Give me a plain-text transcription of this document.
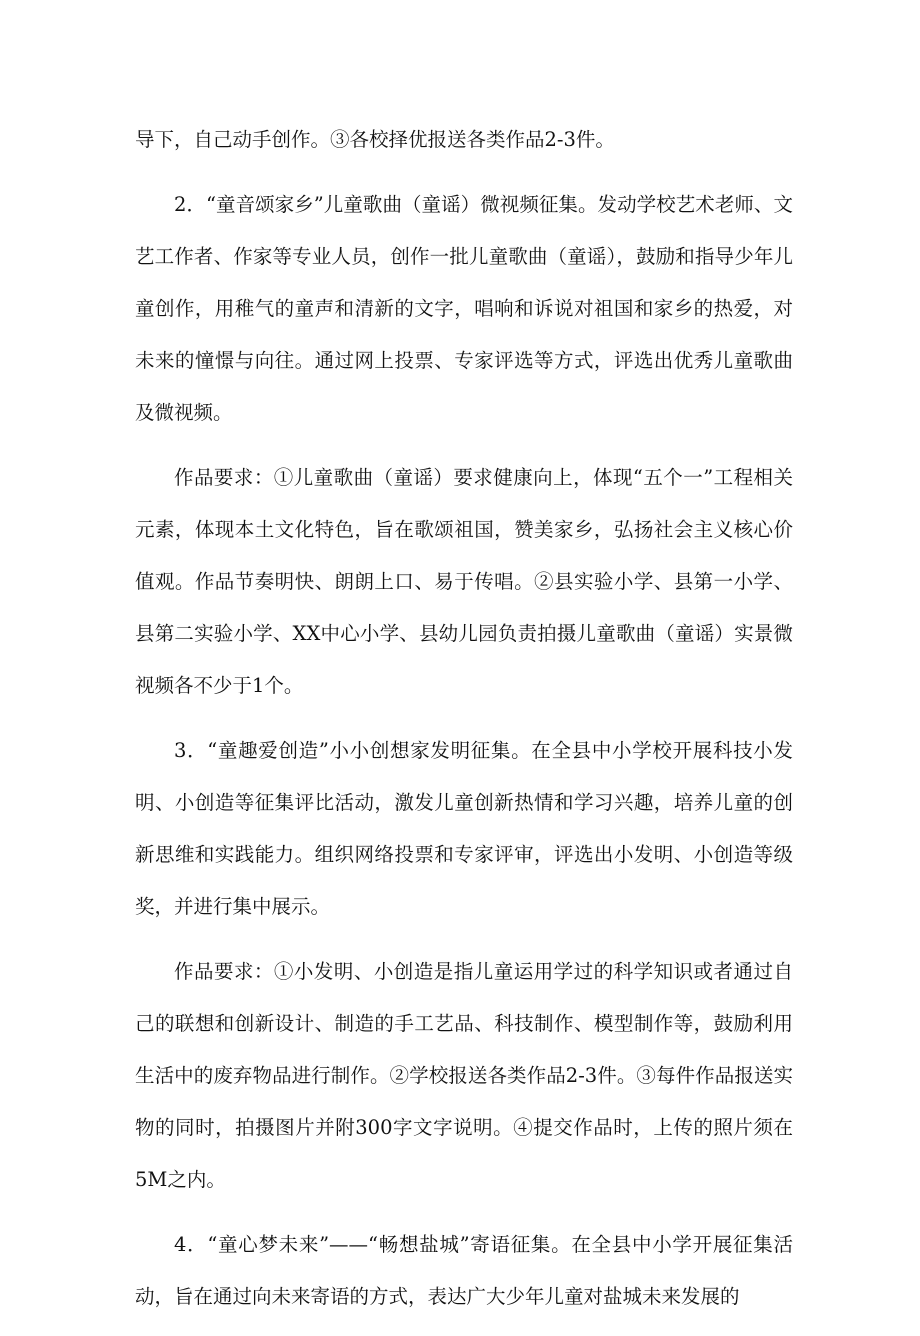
导下，自己动手创作。③各校择优报送各类作品2-3件。

2．“童音颂家乡”儿童歌曲（童谣）微视频征集。发动学校艺术老师、文艺工作者、作家等专业人员，创作一批儿童歌曲（童谣），鼓励和指导少年儿童创作，用稚气的童声和清新的文字，唱响和诉说对祖国和家乡的热爱，对未来的憧憬与向往。通过网上投票、专家评选等方式，评选出优秀儿童歌曲及微视频。

作品要求：①儿童歌曲（童谣）要求健康向上，体现“五个一”工程相关元素，体现本土文化特色，旨在歌颂祖国，赞美家乡，弘扬社会主义核心价值观。作品节奏明快、朗朗上口、易于传唱。②县实验小学、县第一小学、县第二实验小学、XX中心小学、县幼儿园负责拍摄儿童歌曲（童谣）实景微视频各不少于1个。

3．“童趣爱创造”小小创想家发明征集。在全县中小学校开展科技小发明、小创造等征集评比活动，激发儿童创新热情和学习兴趣，培养儿童的创新思维和实践能力。组织网络投票和专家评审，评选出小发明、小创造等级奖，并进行集中展示。

作品要求：①小发明、小创造是指儿童运用学过的科学知识或者通过自己的联想和创新设计、制造的手工艺品、科技制作、模型制作等，鼓励利用生活中的废弃物品进行制作。②学校报送各类作品2-3件。③每件作品报送实物的同时，拍摄图片并附300字文字说明。④提交作品时，上传的照片须在5M之内。

4．“童心梦未来”——“畅想盐城”寄语征集。在全县中小学开展征集活动，旨在通过向未来寄语的方式，表达广大少年儿童对盐城未来发展的
